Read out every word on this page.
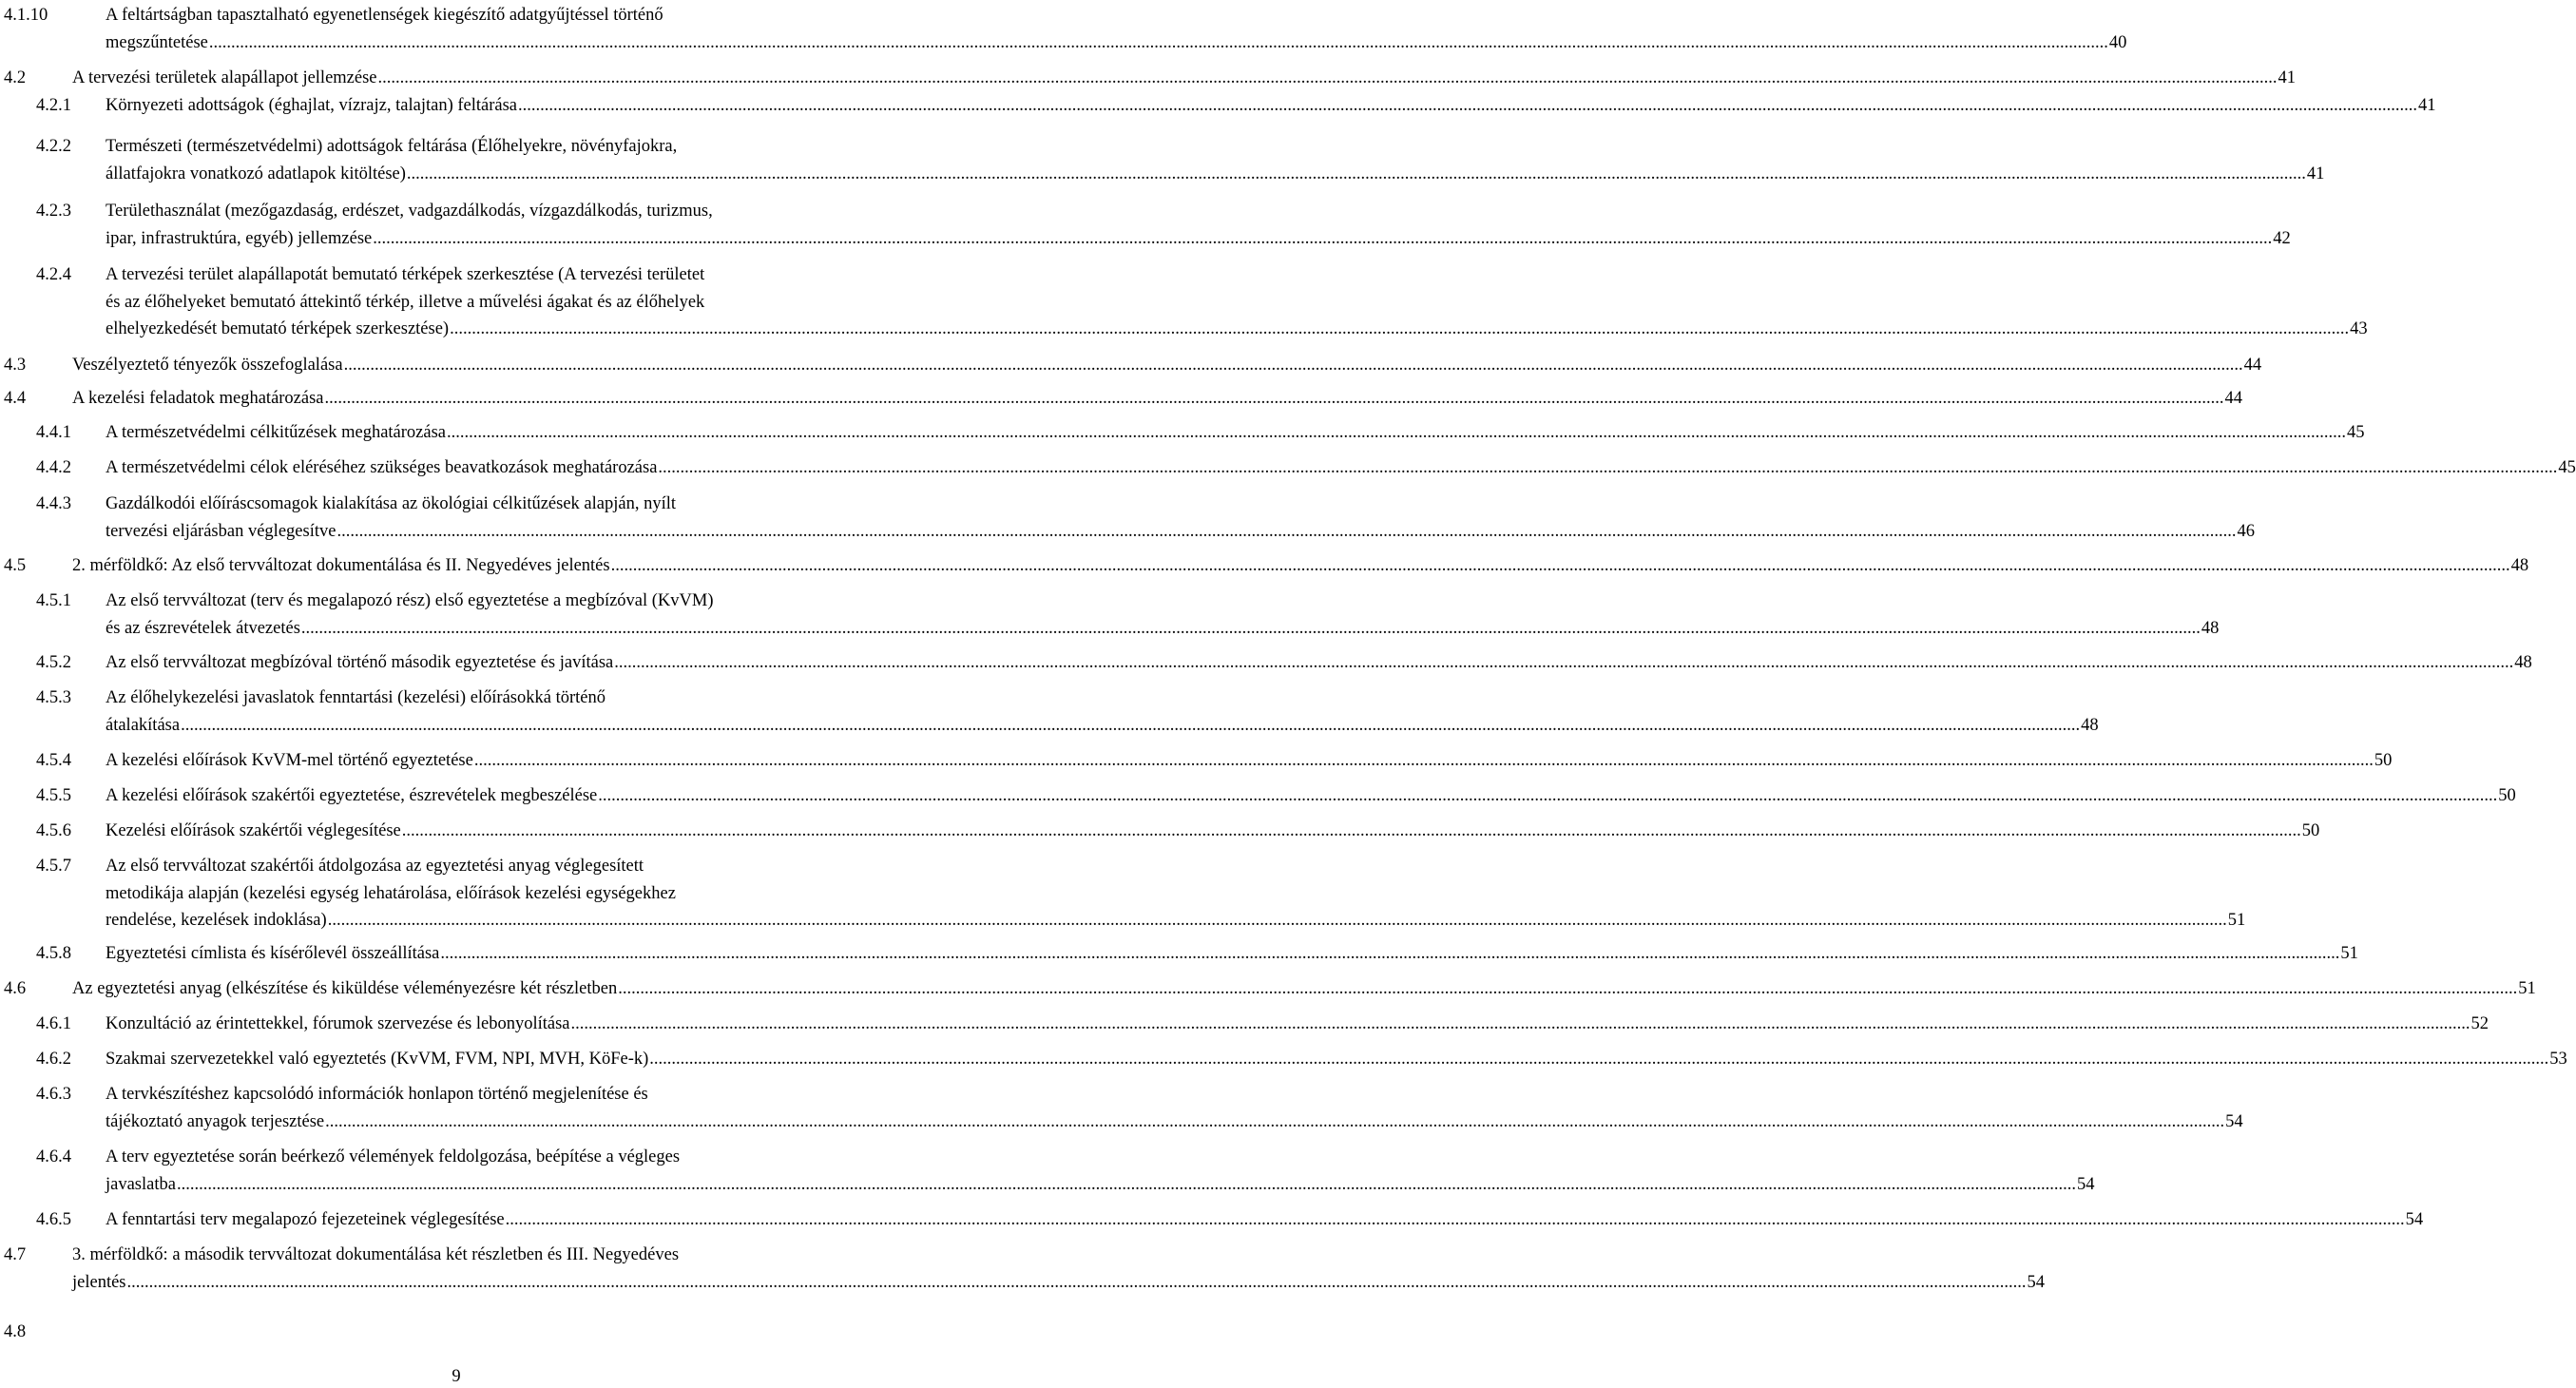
4.1.10	A feltártságban tapasztalható egyenetlenségek kiegészítő adatgyűjtéssel történő
megszűntetése .....	40
4.2	A tervezési területek alapállapot jellemzése .....	41
4.2.1 Környezeti adottságok (éghajlat, vízrajz, talajtan) feltárása .....	41
4.2.2 Természeti (természetvédelmi) adottságok feltárása (Élőhelyekre, növényfajokra,
állatfajokra vonatkozó adatlapok kitöltése) .....	41
4.2.3 Területhasználat (mezőgazdaság, erdészet, vadgazdálkodás, vízgazdálkodás, turizmus,
ipar, infrastruktúra, egyéb) jellemzése .....	42
4.2.4 A tervezési terület alapállapotát bemutató térképek szerkesztése (A tervezési területet
és az élőhelyeket bemutató áttekintő térkép, illetve a művelési ágakat és az élőhelyek
elhelyezkedését bemutató térképek szerkesztése) .....	43
4.3	Veszélyeztető tényezők összefoglalása .....	44
4.4	A kezelési feladatok meghatározása .....	44
4.4.1 A természetvédelmi célkitűzések meghatározása .....	45
4.4.2 A természetvédelmi célok eléréséhez szükséges beavatkozások meghatározása .....	45
4.4.3 Gazdálkodói előíráscsomagok kialakítása az ökológiai célkitűzések alapján, nyílt
tervezési eljárásban véglegesítve .....	46
4.5	2. mérföldkő: Az első tervváltozat dokumentálása és II. Negyedéves jelentés .....	48
4.5.1 Az első tervváltozat (terv és megalapozó rész) első egyeztetése a megbízóval (KvVM)
és az észrevételek átvezetés .....	48
4.5.2 Az első tervváltozat megbízóval történő második egyeztetése és javítása .....	48
4.5.3 Az élőhelykezelési javaslatok fenntartási (kezelési) előírásokká történő
átalakítása .....	48
4.5.4 A kezelési előírások KvVM-mel történő egyeztetése .....	50
4.5.5 A kezelési előírások szakértői egyeztetése, észrevételek megbeszélése .....	50
4.5.6 Kezelési előírások szakértői véglegesítése .....	50
4.5.7 Az első tervváltozat szakértői átdolgozása az egyeztetési anyag véglegesített
metodikája alapján (kezelési egység lehatárolása, előírások kezelési egységekhez
rendelése, kezelések indoklása) .....	51
4.5.8 Egyeztetési címlista és kísérőlevél összeállítása .....	51
4.6	Az egyeztetési anyag (elkészítése és kiküldése véleményezésre két részletben .....	51
4.6.1 Konzultáció az érintettekkel, fórumok szervezése és lebonyolítása .....	52
4.6.2 Szakmai szervezetekkel való egyeztetés (KvVM, FVM, NPI, MVH, KöFe-k) .....	53
4.6.3 A tervkészítéshez kapcsolódó információk honlapon történő megjelenítése és
tájékoztató anyagok terjesztése .....	54
4.6.4 A terv egyeztetése során beérkező vélemények feldolgozása, beépítése a végleges
javaslatba .....	54
4.6.5 A fenntartási terv megalapozó fejezeteinek véglegesítése .....	54
4.7	3. mérföldkő: a második tervváltozat dokumentálása két részletben és III. Negyedéves
jelentés .....	54
4.8
9
